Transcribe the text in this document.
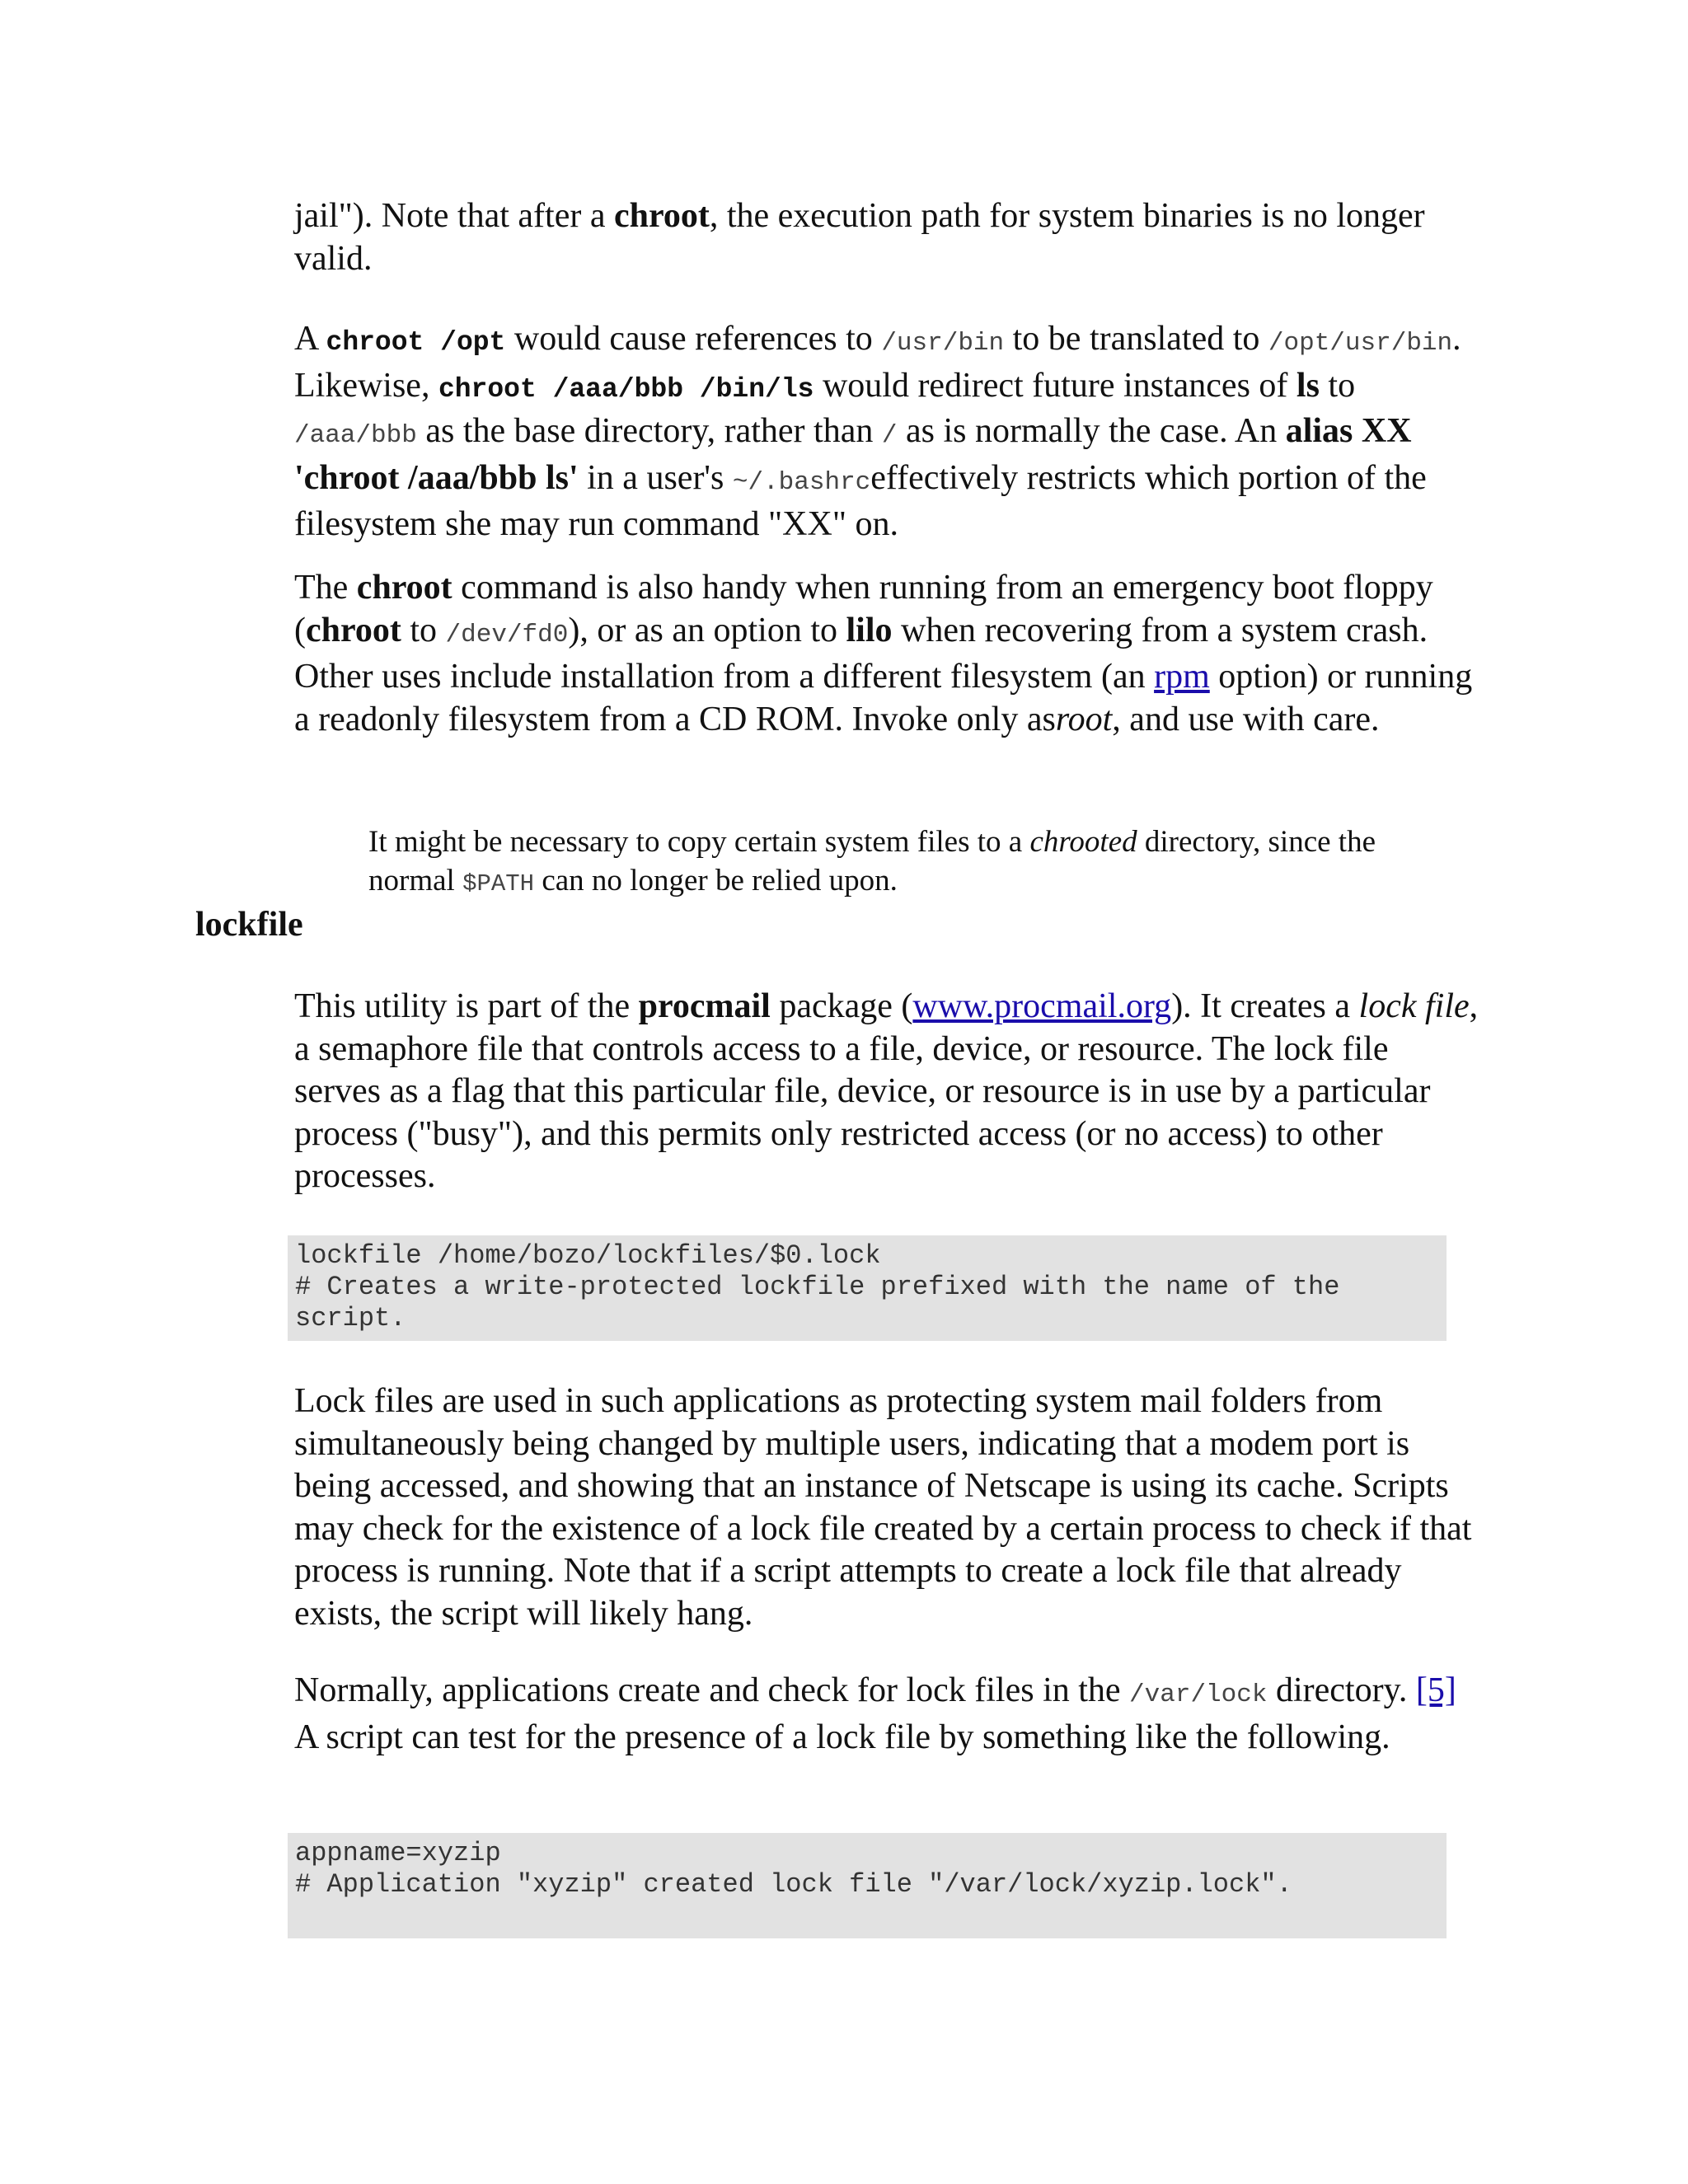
jail"). Note that after a chroot, the execution path for system binaries is no longer valid.

A chroot /opt would cause references to /usr/bin to be translated to /opt/usr/bin. Likewise, chroot /aaa/bbb /bin/ls would redirect future instances of ls to /aaa/bbb as the base directory, rather than / as is normally the case. An alias XX 'chroot /aaa/bbb ls' in a user's ~/.bashrceffectively restricts which portion of the filesystem she may run command "XX" on.

The chroot command is also handy when running from an emergency boot floppy (chroot to /dev/fd0), or as an option to lilo when recovering from a system crash. Other uses include installation from a different filesystem (an rpm option) or running a readonly filesystem from a CD ROM. Invoke only asroot, and use with care.

It might be necessary to copy certain system files to a chrooted directory, since the normal $PATH can no longer be relied upon.

lockfile

This utility is part of the procmail package (www.procmail.org). It creates a lock file, a semaphore file that controls access to a file, device, or resource. The lock file serves as a flag that this particular file, device, or resource is in use by a particular process ("busy"), and this permits only restricted access (or no access) to other processes.

lockfile /home/bozo/lockfiles/$0.lock
# Creates a write-protected lockfile prefixed with the name of the
script.

Lock files are used in such applications as protecting system mail folders from simultaneously being changed by multiple users, indicating that a modem port is being accessed, and showing that an instance of Netscape is using its cache. Scripts may check for the existence of a lock file created by a certain process to check if that process is running. Note that if a script attempts to create a lock file that already exists, the script will likely hang.

Normally, applications create and check for lock files in the /var/lock directory. [5] A script can test for the presence of a lock file by something like the following.

appname=xyzip
# Application "xyzip" created lock file "/var/lock/xyzip.lock".
